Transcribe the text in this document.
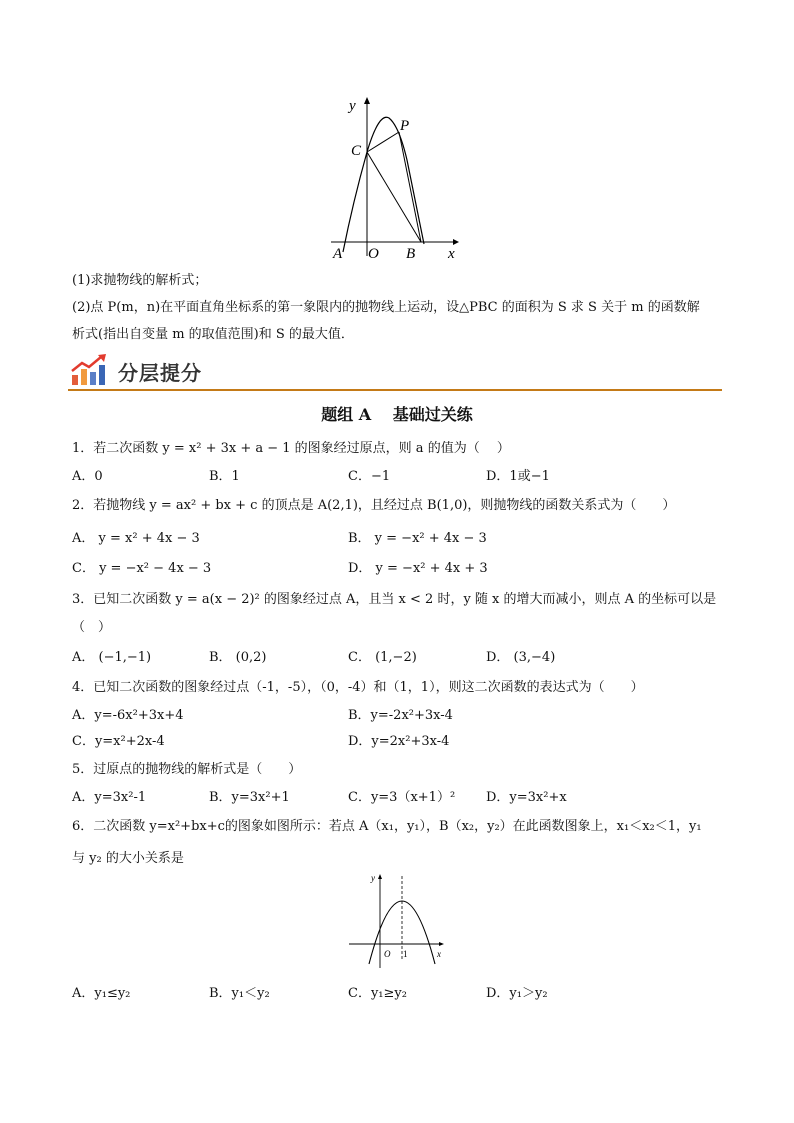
y
x
C
P
A O B
(1)求抛物线的解析式；
(2)点 P(m，n)在平面直角坐标系的第一象限内的抛物线上运动，设△PBC 的面积为 S 求 S 关于 m 的函数解
析式(指出自变量 m 的取值范围)和 S 的最大值．
分层提分
题组 A　 基础过关练
1．若二次函数 y = x² + 3x + a − 1 的图象经过原点，则 a 的值为（　 ）
A．0	B．1	C．−1	D．1或−1
2．若抛物线 y = ax² + bx + c 的顶点是 A(2,1)，且经过点 B(1,0)，则抛物线的函数关系式为（　　）
A． y = x² + 4x − 3	B． y = −x² + 4x − 3
C． y = −x² − 4x − 3	D． y = −x² + 4x + 3
3．已知二次函数 y = a(x − 2)² 的图象经过点 A，且当 x < 2 时，y 随 x 的增大而减小，则点 A 的坐标可以是
（　）
A． (−1,−1)	B． (0,2)	C． (1,−2)	D． (3,−4)
4．已知二次函数的图象经过点（-1，-5），（0，-4）和（1，1），则这二次函数的表达式为（　　）
A．y=-6x²+3x+4	B．y=-2x²+3x-4
C．y=x²+2x-4	D．y=2x²+3x-4
5．过原点的抛物线的解析式是（　　）
A．y=3x²-1	B．y=3x²+1	C．y=3（x+1）² D．y=3x²+x
6．二次函数 y=x²+bx+c的图象如图所示：若点 A（x₁，y₁），B（x₂，y₂）在此函数图象上，x₁＜x₂＜1，y₁
与 y₂ 的大小关系是
y
x
O 1
A．y₁≤y₂	B．y₁＜y₂	C．y₁≥y₂	D．y₁＞y₂
